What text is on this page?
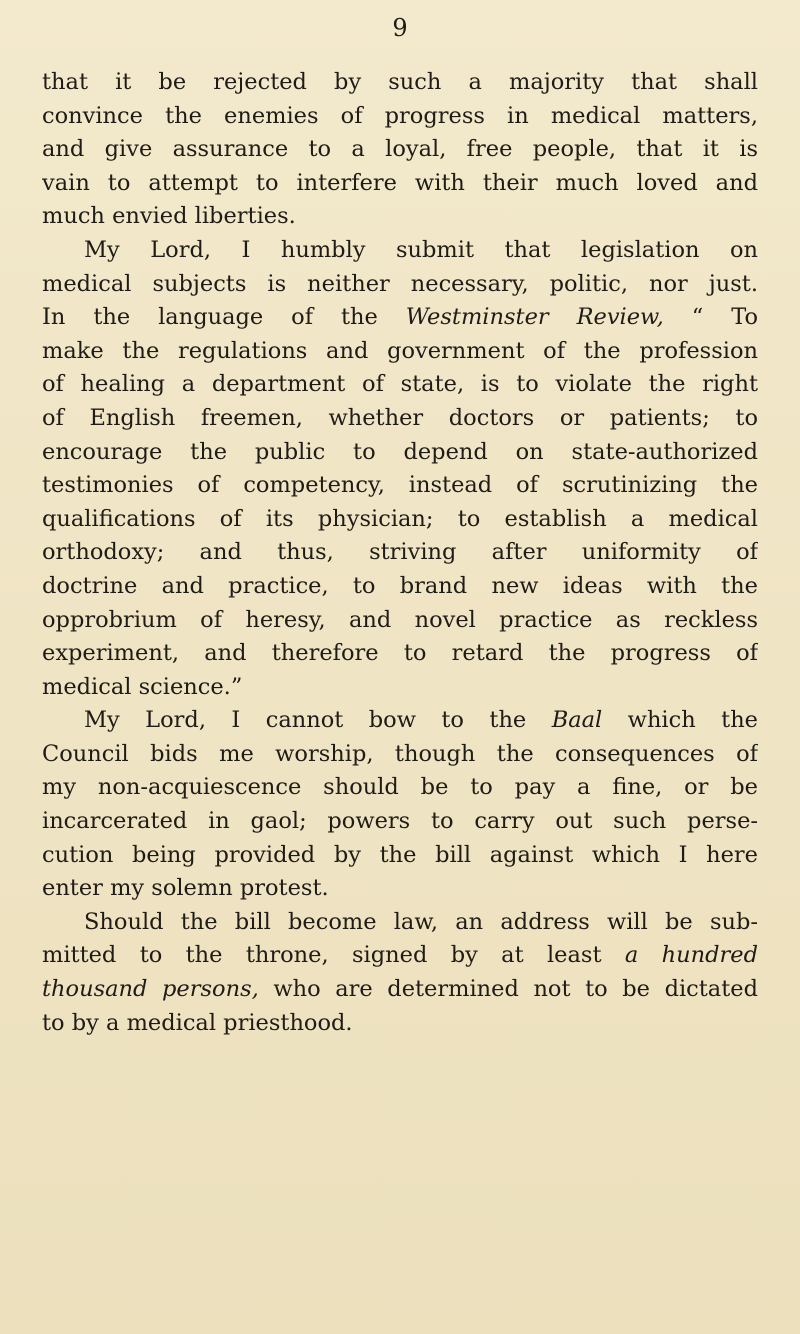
9

that it be rejected by such a majority that shall
convince the enemies of progress in medical matters,
and give assurance to a loyal, free people, that it is
vain to attempt to interfere with their much loved and
much envied liberties.

My Lord, I humbly submit that legislation on
medical subjects is neither necessary, politic, nor just.
In the language of the Westminster Review, “ To
make the regulations and government of the profession
of healing a department of state, is to violate the right
of English freemen, whether doctors or patients; to
encourage the public to depend on state-authorized
testimonies of competency, instead of scrutinizing the
qualifications of its physician; to establish a medical
orthodoxy; and thus, striving after uniformity of
doctrine and practice, to brand new ideas with the
opprobrium of heresy, and novel practice as reckless
experiment, and therefore to retard the progress of
medical science.”

My Lord, I cannot bow to the Baal which the
Council bids me worship, though the consequences of
my non-acquiescence should be to pay a fine, or be
incarcerated in gaol; powers to carry out such perse-
cution being provided by the bill against which I here
enter my solemn protest.

Should the bill become law, an address will be sub-
mitted to the throne, signed by at least a hundred
thousand persons, who are determined not to be dictated
to by a medical priesthood.
